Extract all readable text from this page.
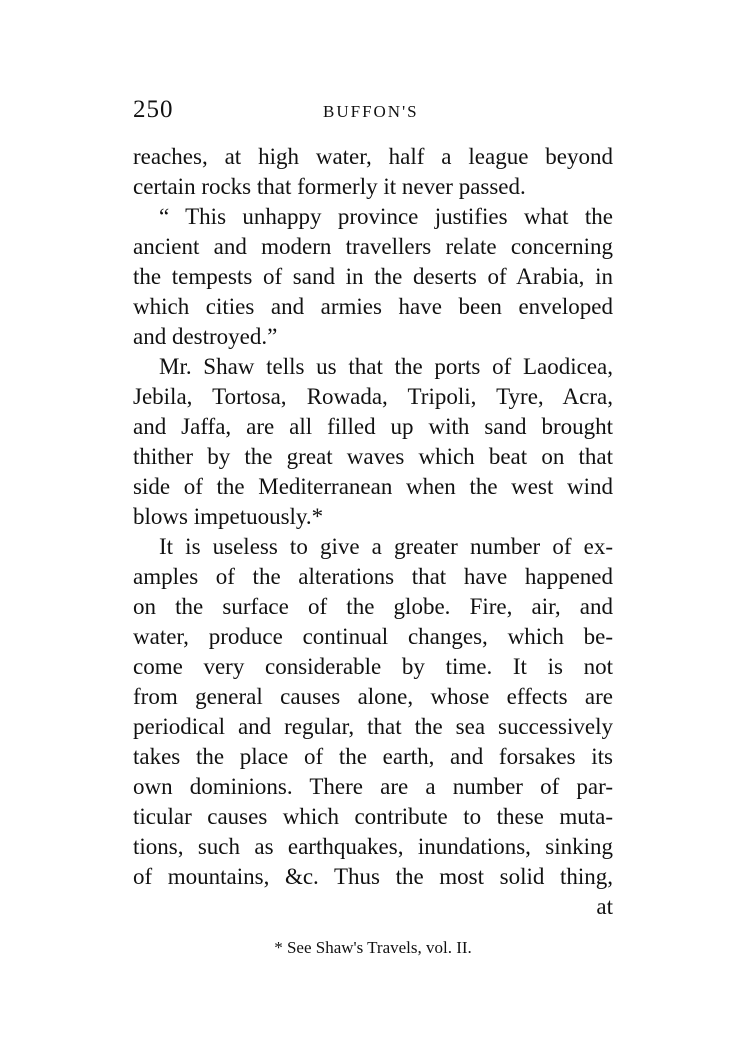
250	BUFFON'S
reaches, at high water, half a league beyond
certain rocks that formerly it never passed.
“ This unhappy province justifies what the
ancient and modern travellers relate concerning
the tempests of sand in the deserts of Arabia, in
which cities and armies have been enveloped
and destroyed.”
Mr. Shaw tells us that the ports of Laodicea,
Jebila, Tortosa, Rowada, Tripoli, Tyre, Acra,
and Jaffa, are all filled up with sand brought
thither by the great waves which beat on that
side of the Mediterranean when the west wind
blows impetuously.*
It is useless to give a greater number of ex-
amples of the alterations that have happened
on the surface of the globe. Fire, air, and
water, produce continual changes, which be-
come very considerable by time. It is not
from general causes alone, whose effects are
periodical and regular, that the sea successively
takes the place of the earth, and forsakes its
own dominions. There are a number of par-
ticular causes which contribute to these muta-
tions, such as earthquakes, inundations, sinking
of mountains, &c. Thus the most solid thing,
at
* See Shaw's Travels, vol. II.
